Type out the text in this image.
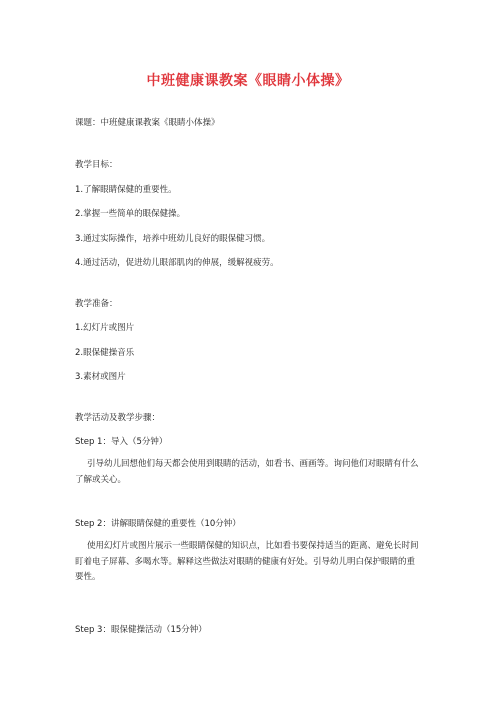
中班健康课教案《眼睛小体操》
课题：中班健康课教案《眼睛小体操》
教学目标：
1.了解眼睛保健的重要性。
2.掌握一些简单的眼保健操。
3.通过实际操作，培养中班幼儿良好的眼保健习惯。
4.通过活动，促进幼儿眼部肌肉的伸展，缓解视疲劳。
教学准备：
1.幻灯片或图片
2.眼保健操音乐
3.素材或图片
教学活动及教学步骤：
Step 1：导入（5分钟）
引导幼儿回想他们每天都会使用到眼睛的活动，如看书、画画等。询问他们对眼睛有什么了解或关心。
Step 2：讲解眼睛保健的重要性（10分钟）
使用幻灯片或图片展示一些眼睛保健的知识点，比如看书要保持适当的距离、避免长时间盯着电子屏幕、多喝水等。解释这些做法对眼睛的健康有好处。引导幼儿明白保护眼睛的重要性。
Step 3：眼保健操活动（15分钟）
